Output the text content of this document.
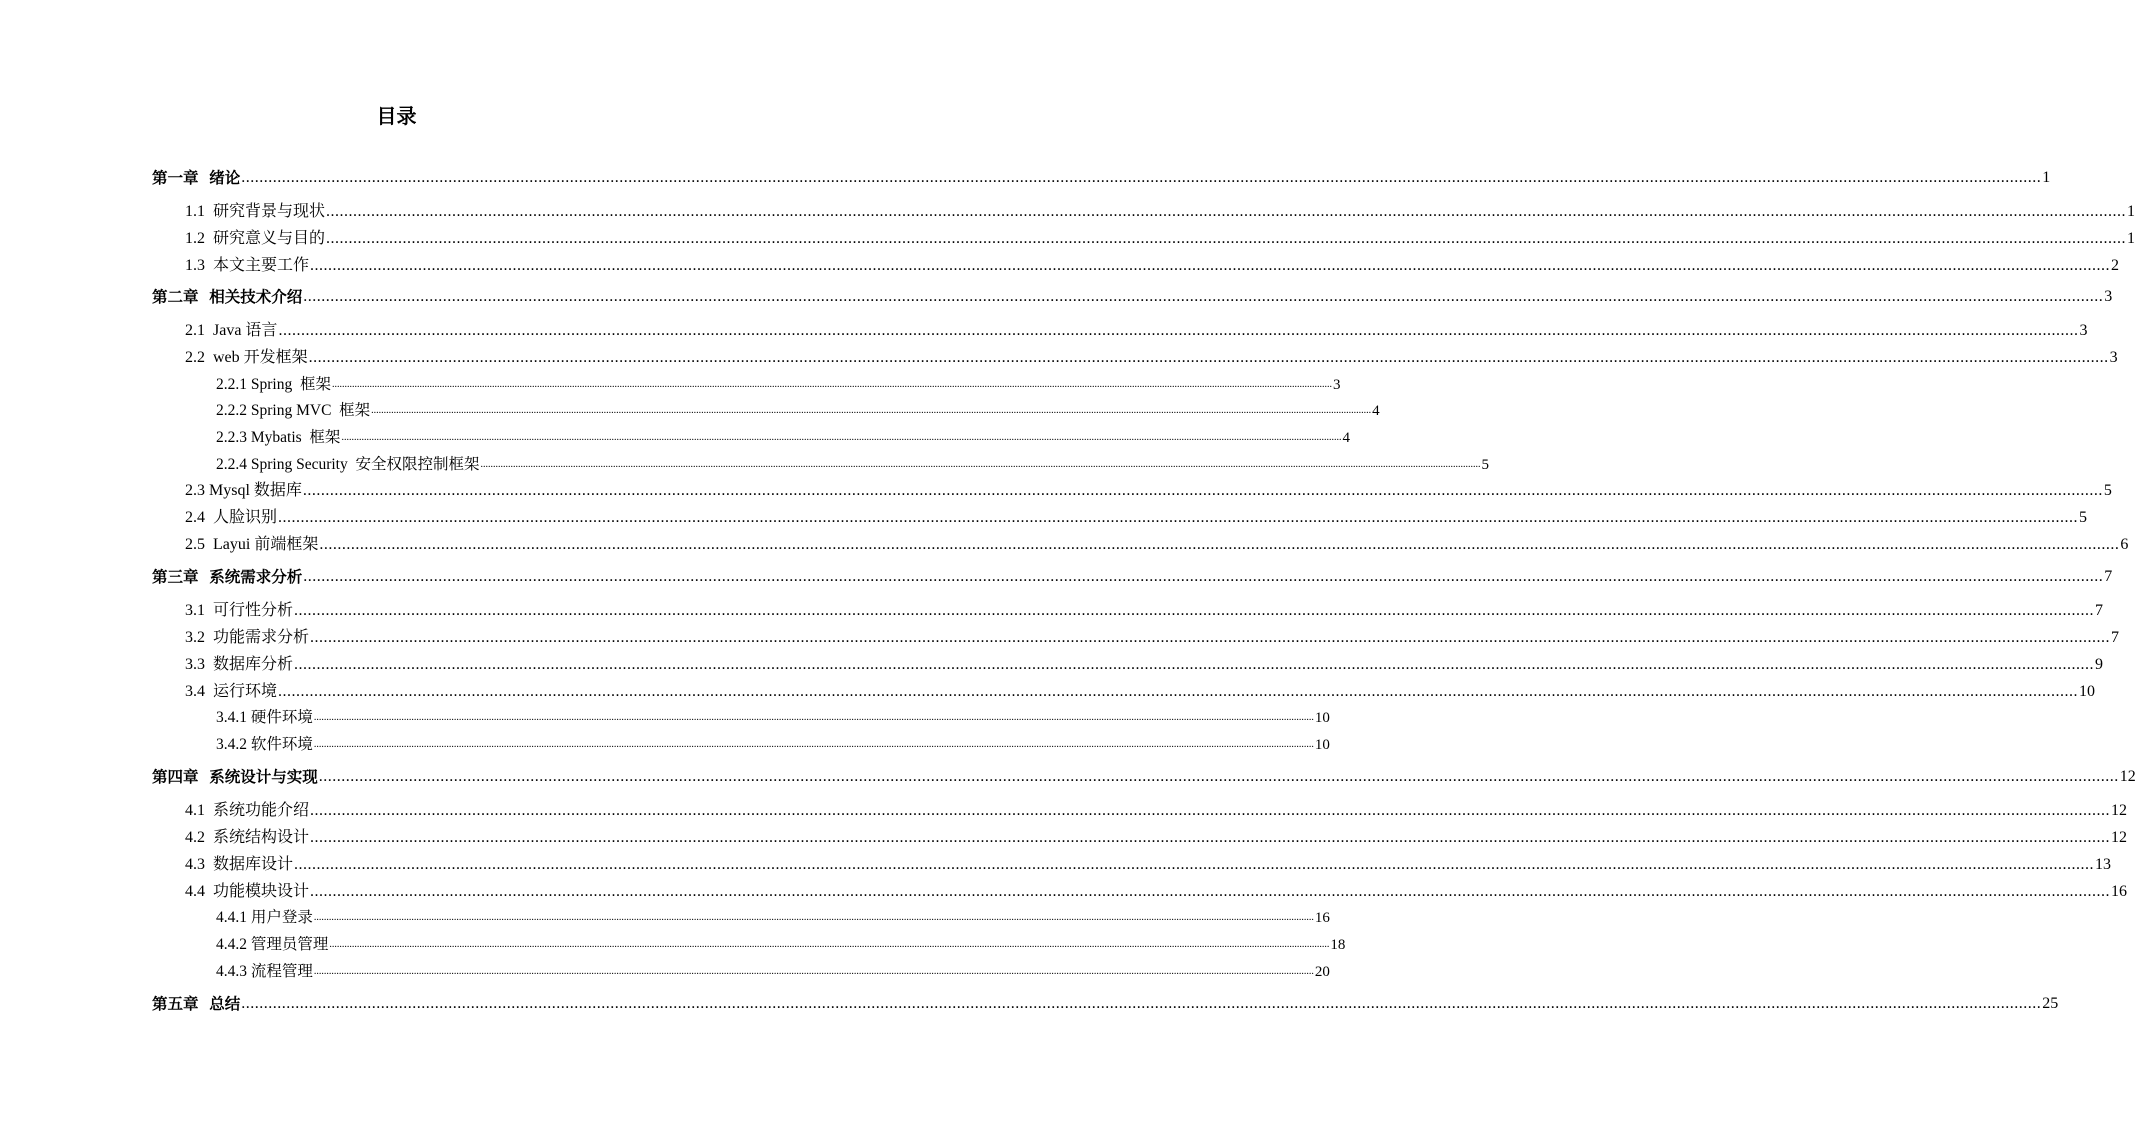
目录
第一章  绪论 ................................................................................................................................................................................................................................................................................................................................................................................................................ 1
1.1  研究背景与现状 ................................................................................................................................................................................................................................................................................................................................................................................................................ 1
1.2  研究意义与目的 ................................................................................................................................................................................................................................................................................................................................................................................................................ 1
1.3  本文主要工作 ................................................................................................................................................................................................................................................................................................................................................................................................................ 2
第二章  相关技术介绍 ................................................................................................................................................................................................................................................................................................................................................................................................................ 3
2.1  Java 语言 ................................................................................................................................................................................................................................................................................................................................................................................................................ 3
2.2  web 开发框架 ................................................................................................................................................................................................................................................................................................................................................................................................................ 3
2.2.1 Spring  框架 ................................................................................................................................................................................................................................................................................................................................................................................................................ 3
2.2.2 Spring MVC  框架 ................................................................................................................................................................................................................................................................................................................................................................................................................ 4
2.2.3 Mybatis  框架 ................................................................................................................................................................................................................................................................................................................................................................................................................ 4
2.2.4 Spring Security  安全权限控制框架 ................................................................................................................................................................................................................................................................................................................................................................................................................ 5
2.3 Mysql 数据库 ................................................................................................................................................................................................................................................................................................................................................................................................................ 5
2.4  人脸识别 ................................................................................................................................................................................................................................................................................................................................................................................................................ 5
2.5  Layui 前端框架 ................................................................................................................................................................................................................................................................................................................................................................................................................ 6
第三章  系统需求分析 ................................................................................................................................................................................................................................................................................................................................................................................................................ 7
3.1  可行性分析 ................................................................................................................................................................................................................................................................................................................................................................................................................ 7
3.2  功能需求分析 ................................................................................................................................................................................................................................................................................................................................................................................................................ 7
3.3  数据库分析 ................................................................................................................................................................................................................................................................................................................................................................................................................ 9
3.4  运行环境 ................................................................................................................................................................................................................................................................................................................................................................................................................ 10
3.4.1 硬件环境 ................................................................................................................................................................................................................................................................................................................................................................................................................ 10
3.4.2 软件环境 ................................................................................................................................................................................................................................................................................................................................................................................................................ 10
第四章  系统设计与实现 ................................................................................................................................................................................................................................................................................................................................................................................................................ 12
4.1  系统功能介绍 ................................................................................................................................................................................................................................................................................................................................................................................................................ 12
4.2  系统结构设计 ................................................................................................................................................................................................................................................................................................................................................................................................................ 12
4.3  数据库设计 ................................................................................................................................................................................................................................................................................................................................................................................................................ 13
4.4  功能模块设计 ................................................................................................................................................................................................................................................................................................................................................................................................................ 16
4.4.1 用户登录 ................................................................................................................................................................................................................................................................................................................................................................................................................ 16
4.4.2 管理员管理 ................................................................................................................................................................................................................................................................................................................................................................................................................ 18
4.4.3 流程管理 ................................................................................................................................................................................................................................................................................................................................................................................................................ 20
第五章  总结 ................................................................................................................................................................................................................................................................................................................................................................................................................ 25
